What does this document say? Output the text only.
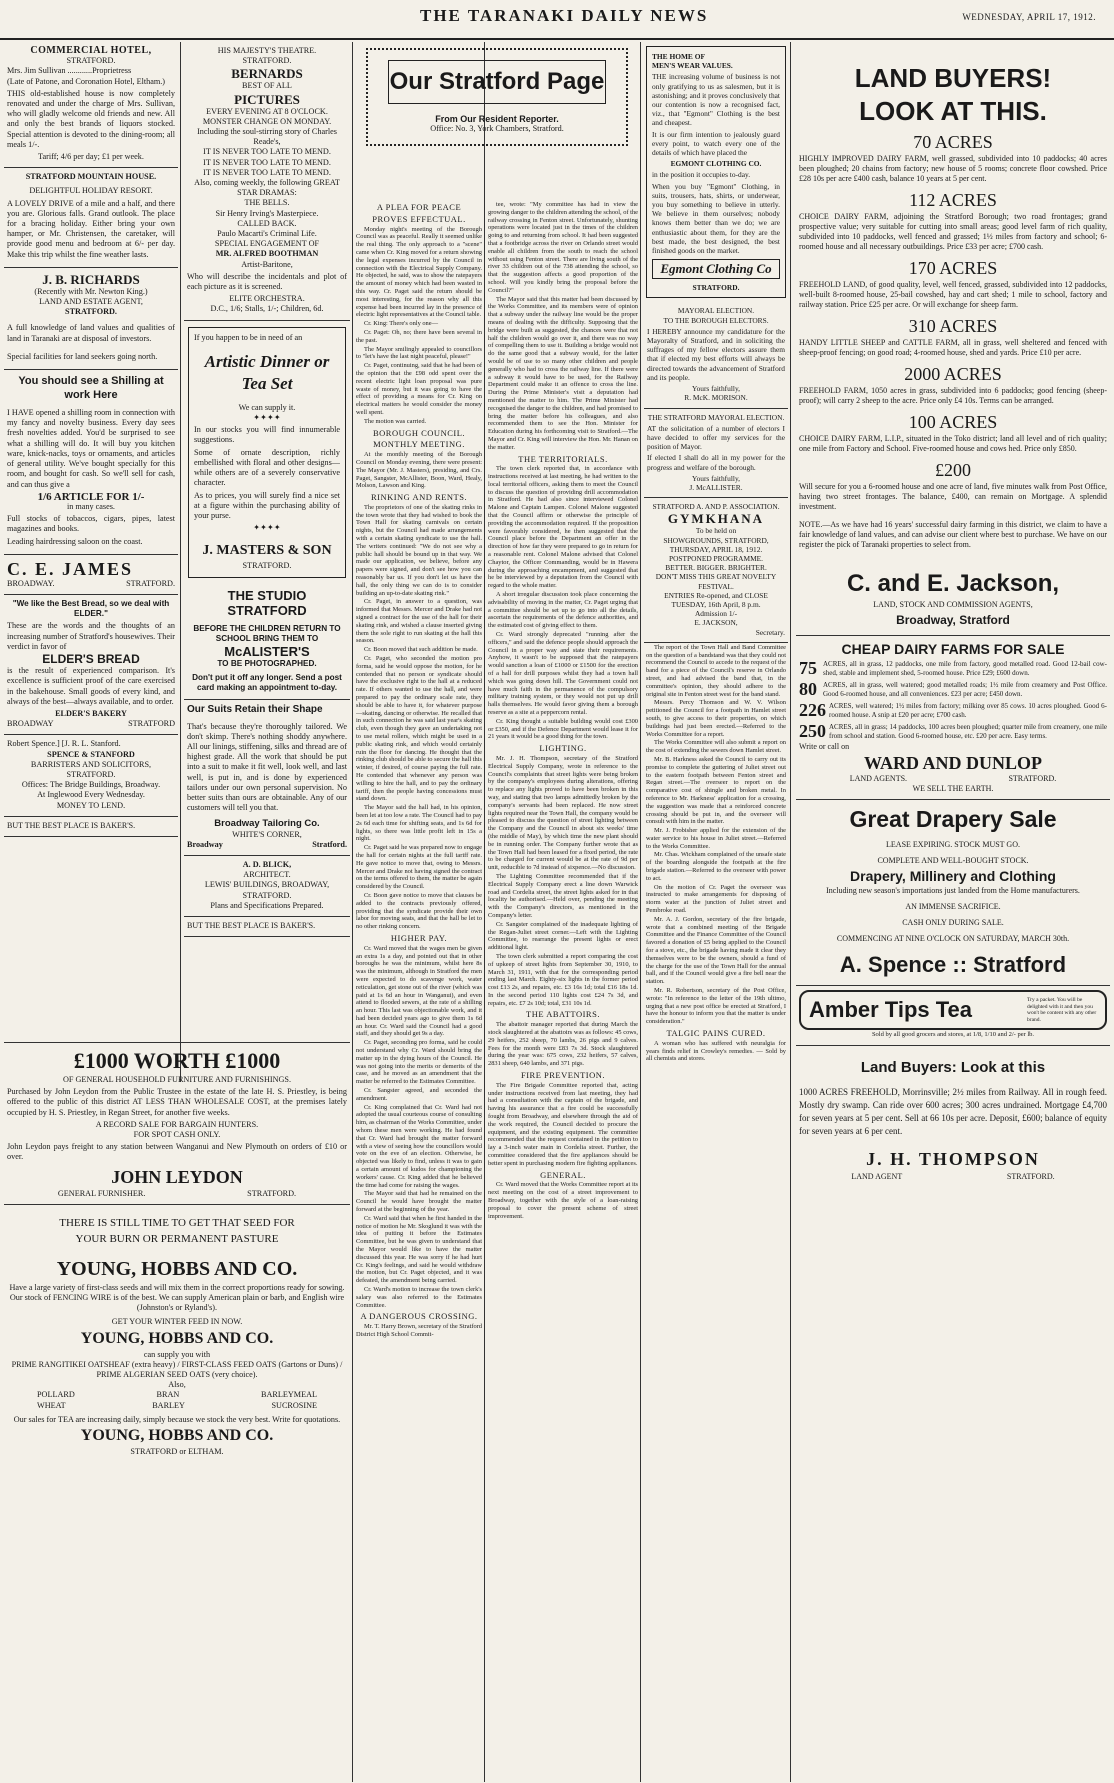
THE TARANAKI DAILY NEWS	WEDNESDAY, APRIL 17, 1912.
COMMERCIAL HOTEL,
STRATFORD.
Mrs. Jim Sullivan ............Proprietress
(Late of Patone, and Coronation Hotel, Eltham.)
THIS old-established house is now completely renovated and under the charge of Mrs. Sullivan, who will gladly welcome old friends and new. All and only the best brands of liquors stocked. Special attention is devoted to the dining-room; all meals 1/-.
Tariff; 4/6 per day; £1 per week.
STRATFORD MOUNTAIN HOUSE.
DELIGHTFUL HOLIDAY RESORT.
A LOVELY DRIVE of a mile and a half, and there you are. Glorious falls. Grand outlook. The place for a bracing holiday. Either bring your own hamper, or Mr. Christensen, the caretaker, will provide good menu and bedroom at 6/- per day. Make this trip whilst the fine weather lasts.
J. B. RICHARDS
(Recently with Mr. Newton King.)
LAND AND ESTATE AGENT,
STRATFORD.
A full knowledge of land values and qualities of land in Taranaki are at disposal of investors.
Special facilities for land seekers going north.
You should see a Shilling at work Here
I HAVE opened a shilling room in connection with my fancy and novelty business. Every day sees fresh novelties added. You'd be surprised to see what a shilling will do. It will buy you kitchen ware, knick-nacks, toys or ornaments, and articles of general utility. We've bought specially for this room, and bought for cash. So we'll sell for cash, and can thus give a
1/6 ARTICLE FOR 1/-
in many cases.
Full stocks of tobaccos, cigars, pipes, latest magazines and books.
Leading hairdressing saloon on the coast.
C. E. JAMES
BROADWAY.	STRATFORD.
"We like the Best Bread, so we deal with ELDER."
These are the words and the thoughts of an increasing number of Stratford's housewives. Their verdict in favor of
ELDER'S BREAD
is the result of experienced comparison. It's excellence is sufficient proof of the care exercised in the bakehouse. Small goods of every kind, and always of the best—always available, and to order.
ELDER'S BAKERY
BROADWAY	STRATFORD
Robert Spence.] [J. R. L. Stanford.
SPENCE & STANFORD
BARRISTERS AND SOLICITORS,
STRATFORD.
Offices: The Bridge Buildings, Broadway.
At Inglewood Every Wednesday.
MONEY TO LEND.
BUT THE BEST PLACE IS BAKER'S.
HIS MAJESTY'S THEATRE.
STRATFORD.
BERNARDS
BEST OF ALL
PICTURES
EVERY EVENING AT 8 O'CLOCK.
MONSTER CHANGE ON MONDAY.
Including the soul-stirring story of Charles Reade's,
IT IS NEVER TOO LATE TO MEND.
IT IS NEVER TOO LATE TO MEND.
IT IS NEVER TOO LATE TO MEND.
Also, coming weekly, the following GREAT STAR DRAMAS:
THE BELLS.
Sir Henry Irving's Masterpiece.
CALLED BACK.
Paulo Macarti's Criminal Life.
SPECIAL ENGAGEMENT OF
MR. ALFRED BOOTHMAN
Artist-Baritone,
Who will describe the incidentals and plot of each picture as it is screened.
ELITE ORCHESTRA.
D.C., 1/6; Stalls, 1/-; Children, 6d.
If you happen to be in need of an
Artistic Dinner or Tea Set
We can supply it.
✦✦✦✦
In our stocks you will find innumerable suggestions.
Some of ornate description, richly embellished with floral and other designs—while others are of a severely conservative character.
As to prices, you will surely find a nice set at a figure within the purchasing ability of your purse.
✦✦✦✦
J. MASTERS & SON
STRATFORD.
THE STUDIO
STRATFORD
BEFORE THE CHILDREN RETURN TO SCHOOL BRING THEM TO
McALISTER'S
TO BE PHOTOGRAPHED.
Don't put it off any longer. Send a post card making an appointment to-day.
Our Suits Retain their Shape
That's because they're thoroughly tailored. We don't skimp. There's nothing shoddy anywhere. All our linings, stiffening, silks and thread are of highest grade. All the work that should be put into a suit to make it fit well, look well, and last well, is put in, and is done by experienced tailors under our own personal supervision. No better suits than ours are obtainable. Any of our customers will tell you that.
Broadway Tailoring Co.
WHITE'S CORNER,
Broadway	Stratford.
A. D. BLICK,
ARCHITECT.
LEWIS' BUILDINGS, BROADWAY, STRATFORD.
Plans and Specifications Prepared.
BUT THE BEST PLACE IS BAKER'S.
Our Stratford Page
From Our Resident Reporter.
Office: No. 3, York Chambers, Stratford.
A PLEA FOR PEACE
PROVES EFFECTUAL.
Monday night's meeting of the Borough Council was as peaceful. Really it seemed unlike the real thing. The only approach to a "scene" came when Cr. King moved for a return showing the legal expenses incurred by the Council in connection with the Electrical Supply Company. He objected, he said, was to show the ratepayers the amount of money which had been wasted in this way. Cr. Paget said the return should be most interesting, for the reason why all this expense had been incurred lay in the presence of electric light representatives at the Council table.
Cr. King: There's only one—
Cr. Paget: Oh, no; there have been several in the past.
The Mayor smilingly appealed to councillors to "let's have the last night peaceful, please!"
Cr. Paget, continuing, said that he had been of the opinion that the £98 odd spent over the recent electric light loan proposal was pure waste of money, but it was going to have the effect of providing a means for Cr. King on electrical matters he would consider the money well spent.
The motion was carried.
BOROUGH COUNCIL.
MONTHLY MEETING.
At the monthly meeting of the Borough Council on Monday evening, there were present: The Mayor (Mr. J. Masters), presiding, and Crs. Paget, Sangster, McAllister, Boon, Ward, Healy, Molson, Lawson and King.
RINKING AND RENTS.
The proprietors of one of the skating rinks in the town wrote that they had wished to book the Town Hall for skating carnivals on certain nights, but the Council had made arrangements with a certain skating syndicate to use the hall. The writers continued: "We do not see why a public hall should be bound up in that way. We made our application, we believe, before any papers were signed, and don't see how you can reasonably bar us. If you don't let us have the hall, the only thing we can do is to consider building an up-to-date skating rink."
Cr. Paget, in answer to a question, was informed that Messrs. Mercer and Drake had not signed a contract for the use of the hall for their skating rink, and wished a clause inserted giving them the sole right to run skating at the hall this season.
Cr. Boon moved that such addition be made.
Cr. Paget, who seconded the motion pro forma, said he would oppose the motion, for he contended that no person or syndicate should have the exclusive right to the hall at a reduced rate. If others wanted to use the hall, and were prepared to pay the ordinary scale rate, they should be able to have it, for whatever purpose—skating, dancing or otherwise. He recalled that in such connection he was said last year's skating club, even though they gave an undertaking not to use metal rollers, which might be used in a public skating rink, and which would certainly ruin the floor for dancing. He thought that the rinking club should be able to secure the hall this winter, if desired, of course paying the full rate. He contended that whenever any person was willing to hire the hall, and to pay the ordinary tariff, then the people having concessions must stand down.
The Mayor said the hall had, in his opinion, been let at too low a rate. The Council had to pay 2s 6d each time for shifting seats, and 1s 6d for lights, so there was little profit left in 15s a night.
Cr. Paget said he was prepared now to engage the hall for certain nights at the full tariff rate. He gave notice to move that, owing to Messrs. Mercer and Drake not having signed the contract on the terms offered to them, the matter be again considered by the Council.
Cr. Boon gave notice to move that clauses be added to the contracts previously offered, providing that the syndicate provide their own labor for moving seats, and that the hall be let to no other rinking concern.
HIGHER PAY.
Cr. Ward moved that the wages men be given an extra 1s a day, and pointed out that in other boroughs he was the minimum, whilst here 8s was the minimum, although in Stratford the men were expected to do scavenge work, water reticulation, get stone out of the river (which was paid at 1s 6d an hour in Wanganui), and even attend to flooded sewers, at the rate of a shilling an hour. This last was objectionable work, and it had been decided years ago to give them 1s 6d an hour. Cr. Ward said the Council had a good staff, and they should get 9s a day.
Cr. Paget, seconding pro forma, said he could not understand why Cr. Ward should bring the matter up in the dying hours of the Council. He was not going into the merits or demerits of the case, and he moved as an amendment that the matter be referred to the Estimates Committee.
Cr. Sangster agreed, and seconded the amendment.
Cr. King complained that Cr. Ward had not adopted the usual courteous course of consulting him, as chairman of the Works Committee, under whom these men were working. He had found that Cr. Ward had brought the matter forward with a view of seeing how the councillors would vote on the eve of an election. Otherwise, he objected was likely to find, unless it was to gain a certain amount of kudos for championing the workers' cause. Cr. King added that he believed the time had come for raising the wages.
The Mayor said that had he remained on the Council he would have brought the matter forward at the beginning of the year.
Cr. Ward said that when he first handed in the notice of motion he Mr. Skoglund it was with the idea of putting it before the Estimates Committee, but he was given to understand that the Mayor would like to have the matter discussed this year. He was sorry if he had hurt Cr. King's feelings, and said he would withdraw the motion, but Cr. Paget objected, and it was defeated, the amendment being carried.
Cr. Ward's motion to increase the town clerk's salary was also referred to the Estimates Committee.
A DANGEROUS CROSSING.
Mr. T. Harry Brown, secretary of the Stratford District High School Commit-
tee, wrote: "My committee has had in view the growing danger to the children attending the school, of the railway crossing in Fenton street. Unfortunately, shunting operations were located just in the times of the children going to and returning from school. It had been suggested that a footbridge across the river on Orlando street would enable all children from the south to reach the school without using Fenton street. There are living south of the river 33 children out of the 738 attending the school, so that the suggestion affects a good proportion of the school. Will you kindly bring the proposal before the Council?"
The Mayor said that this matter had been discussed by the Works Committee, and its members were of opinion that a subway under the railway line would be the proper means of dealing with the difficulty. Supposing that the bridge were built as suggested, the chances were that not half the children would go over it, and there was no way of compelling them to use it. Building a bridge would not do the same good that a subway would, for the latter would be of use to so many other children and people generally who had to cross the railway line. If there were a subway it would have to be used, for the Railway Department could make it an offence to cross the line. During the Prime Minister's visit a deputation had mentioned the matter to him. The Prime Minister had recognised the danger to the children, and had promised to bring the matter before his colleagues, and also recommended them to see the Hon. Minister for Education during his forthcoming visit to Stratford.—The Mayor and Cr. King will interview the Hon. Mr. Hanan on the matter.
THE TERRITORIALS.
The town clerk reported that, in accordance with instructions received at last meeting, he had written to the local territorial officers, asking them to meet the Council to discuss the question of providing drill accommodation in Stratford. He had also since interviewed Colonel Malone and Captain Lampen. Colonel Malone suggested that the Council affirm or otherwise the principle of providing the accommodation required. If the proposition were favorably considered, he then suggested that the Council place before the Department an offer in the direction of how far they were prepared to go in return for a reasonable rent. Colonel Malone advised that Colonel Chaytor, the Officer Commanding, would be in Hawera during the approaching encampment, and suggested that he be interviewed by a deputation from the Council with regard to the whole matter.
A short irregular discussion took place concerning the advisability of moving in the matter, Cr. Paget urging that a committee should be set up to go into all the details, ascertain the requirements of the defence authorities, and the estimated cost of giving effect to them.
Cr. Ward strongly deprecated "running after the officers," and said the defence people should approach the Council in a proper way and state their requirements. Anyhow, it wasn't to be supposed that the ratepayers would sanction a loan of £1000 or £1500 for the erection of a hall for drill purposes whilst they had a town hall which was going down hill. The Government could not have much faith in the permanence of the compulsory military training system, or they would not put up drill halls themselves. He would favor giving them a borough reserve as a site at a peppercorn rental.
Cr. King thought a suitable building would cost £300 or £350, and if the Defence Department would lease it for 21 years it would be a good thing for the town.
LIGHTING.
Mr. J. H. Thompson, secretary of the Stratford Electrical Supply Company, wrote in reference to the Council's complaints that street lights were being broken by the company's employees during alterations, offering to replace any lights proved to have been broken in this way, and stating that two lamps admittedly broken by the company's servants had been replaced. He now street lights required near the Town Hall, the company would be pleased to discuss the question of street lighting between the Company and the Council in about six weeks' time (the middle of May), by which time the new plant should be in running order. The Company further wrote that as the Town Hall had been leased for a fixed period, the rate to be charged for current would be at the rate of 9d per unit, reducible to 7d instead of sixpence.—No discussion.
The Lighting Committee recommended that if the Electrical Supply Company erect a line down Warwick road and Cordelia street, the street lights asked for in that locality be authorised.—Held over, pending the meeting with the Company's directors, as mentioned in the Company's letter.
Cr. Sangster complained of the inadequate lighting of the Regan-Juliet street corner.—Left with the Lighting Committee, to rearrange the present lights or erect additional light.
The town clerk submitted a report comparing the cost of upkeep of street lights from September 30, 1910, to March 31, 1911, with that for the corresponding period ending last March. Eighty-six lights in the former period cost £13 2s, and repairs, etc. £3 16s 1d; total £16 18s 1d. In the second period 110 lights cost £24 7s 3d, and repairs, etc. £7 2s 10d; total, £31 10s 1d.
THE ABATTOIRS.
The abattoir manager reported that during March the stock slaughtered at the abattoirs was as follows: 45 cows, 29 heifers, 252 sheep, 70 lambs, 26 pigs and 9 calves. Fees for the month were £83 7s 3d. Stock slaughtered during the year was: 675 cows, 232 heifers, 57 calves, 2831 sheep, 640 lambs, and 371 pigs.
FIRE PREVENTION.
The Fire Brigade Committee reported that, acting under instructions received from last meeting, they had had a consultation with the captain of the brigade, and having his assurance that a fire could be successfully fought from Broadway, and elsewhere through the aid of the work required, the Council decided to procure the equipment, and the existing equipment. The committee recommended that the request contained in the petition to lay a 3-inch water main in Cordelia street. Further, the committee considered that the fire appliances should be better spent in purchasing modern fire fighting appliances.
GENERAL.
Cr. Ward moved that the Works Committee report at its next meeting on the cost of a street improvement to Broadway, together with the style of a loan-raising proposal to cover the present scheme of street improvement.
THE HOME OF
MEN'S WEAR VALUES.
THE increasing volume of business is not only gratifying to us as salesmen, but it is astonishing; and it proves conclusively that our contention is now a recognised fact, viz., that "Egmont" Clothing is the best and cheapest.
It is our firm intention to jealously guard every point, to watch every one of the details of which have placed the
EGMONT CLOTHING CO.
in the position it occupies to-day.
When you buy "Egmont" Clothing, in suits, trousers, hats, shirts, or underwear, you buy something to believe in utterly. We believe in them ourselves; nobody knows them better than we do; we are enthusiastic about them, for they are the best made, the best designed, the best finished goods on the market.
Egmont Clothing Co
STRATFORD.
MAYORAL ELECTION.
TO THE BOROUGH ELECTORS.
I HEREBY announce my candidature for the Mayoralty of Stratford, and in soliciting the suffrages of my fellow electors assure them that if elected my best efforts will always be directed towards the advancement of Stratford and its people.
Yours faithfully,
R. McK. MORISON.
THE STRATFORD MAYORAL ELECTION.
AT the solicitation of a number of electors I have decided to offer my services for the position of Mayor.
If elected I shall do all in my power for the progress and welfare of the borough.
Yours faithfully,
J. McALLISTER.
STRATFORD A. AND P. ASSOCIATION.
GYMKHANA
To be held on
SHOWGROUNDS, STRATFORD,
THURSDAY, APRIL 18, 1912.
POSTPONED PROGRAMME.
BETTER. BIGGER. BRIGHTER.
DON'T MISS THIS GREAT NOVELTY FESTIVAL.
ENTRIES Re-opened, and CLOSE TUESDAY, 16th April, 8 p.m.
Admission 1/-
E. JACKSON,
Secretary.
The report of the Town Hall and Band Committee on the question of a bandstand was that they could not recommend the Council to accede to the request of the band for a piece of the Council's reserve in Orlando street, and had advised the band that, in the committee's opinion, they should adhere to the original site in Fenton street west for the band stand.
Messrs. Percy Thomson and W. V. Wilson petitioned the Council for a footpath in Hamlet street south, to give access to their properties, on which buildings had just been erected.—Referred to the Works Committee for a report.
The Works Committee will also submit a report on the cost of extending the sewers down Hamlet street.
Mr. B. Harkness asked the Council to carry out its promise to complete the guttering of Juliet street out to the eastern footpath between Fenton street and Regan street.—The overseer to report on the comparative cost of shingle and broken metal. In reference to Mr. Harkness' application for a crossing, the suggestion was made that a reinforced concrete crossing should be put in, and the overseer will consult with him in the matter.
Mr. J. Frobisher applied for the extension of the water service to his house in Juliet street.—Referred to the Works Committee.
Mr. Chas. Wickham complained of the unsafe state of the boarding alongside the footpath at the fire brigade station.—Referred to the overseer with power to act.
On the motion of Cr. Paget the overseer was instructed to make arrangements for disposing of storm water at the junction of Juliet street and Pembroke road.
Mr. A. J. Gordon, secretary of the fire brigade, wrote that a combined meeting of the Brigade Committee and the Finance Committee of the Council favored a donation of £5 being applied to the Council for a stove, etc., the brigade having made it clear they themselves were to be the owners, should a fund of the charge for the use of the Town Hall for the annual ball, and if the Council would give a fire bell near the station.
Mr. R. Robertson, secretary of the Post Office, wrote: "In reference to the letter of the 19th ultimo, urging that a new post office be erected at Stratford, I have the honour to inform you that the matter is under consideration."
TALGIC PAINS CURED.
A woman who has suffered with neuralgia for years finds relief in Crowley's remedies. — Sold by all chemists and stores.
LAND BUYERS!
LOOK AT THIS.
70 ACRES
HIGHLY IMPROVED DAIRY FARM, well grassed, subdivided into 10 paddocks; 40 acres been ploughed; 20 chains from factory; new house of 5 rooms; concrete floor cowshed. Price £28 10s per acre £400 cash, balance 10 years at 5 per cent.
112 ACRES
CHOICE DAIRY FARM, adjoining the Stratford Borough; two road frontages; grand prospective value; very suitable for cutting into small areas; good level farm of rich quality, subdivided into 10 paddocks, well fenced and grassed; 1½ miles from factory and school; 6-roomed house and all necessary outbuildings. Price £33 per acre; £700 cash.
170 ACRES
FREEHOLD LAND, of good quality, level, well fenced, grassed, subdivided into 12 paddocks, well-built 8-roomed house, 25-bail cowshed, hay and cart shed; 1 mile to school, factory and railway station. Price £25 per acre. Or will exchange for sheep farm.
310 ACRES
HANDY LITTLE SHEEP and CATTLE FARM, all in grass, well sheltered and fenced with sheep-proof fencing; on good road; 4-roomed house, shed and yards. Price £10 per acre.
2000 ACRES
FREEHOLD FARM, 1050 acres in grass, subdivided into 6 paddocks; good fencing (sheep-proof); will carry 2 sheep to the acre. Price only £4 10s. Terms can be arranged.
100 ACRES
CHOICE DAIRY FARM, L.I.P., situated in the Toko district; land all level and of rich quality; one mile from Factory and School. Five-roomed house and cows hed. Price only £850.
£200
Will secure for you a 6-roomed house and one acre of land, five minutes walk from Post Office, having two street frontages. The balance, £400, can remain on Mortgage. A splendid investment.
NOTE.—As we have had 16 years' successful dairy farming in this district, we claim to have a fair knowledge of land values, and can advise our client where best to purchase. We have on our register the pick of Taranaki properties to select from.
C. and E. Jackson,
LAND, STOCK AND COMMISSION AGENTS,
Broadway, Stratford
CHEAP DAIRY FARMS FOR SALE
75 ACRES, all in grass, 12 paddocks, one mile from factory, good metalled road. Good 12-bail cow-shed, stable and implement shed, 5-roomed house. Price £29; £600 down.
80 ACRES, all in grass, well watered; good metalled roads; 1½ mile from creamery and Post Office. Good 6-roomed house, and all conveniences. £23 per acre; £450 down.
226 ACRES, well watered; 1½ miles from factory; milking over 85 cows. 10 acres ploughed. Good 6-roomed house. A snip at £20 per acre; £700 cash.
250 ACRES, all in grass; 14 paddocks, 100 acres been ploughed; quarter mile from creamery, one mile from school and station. Good 6-roomed house, etc. £20 per acre. Easy terms.
Write or call on
WARD AND DUNLOP
LAND AGENTS.	STRATFORD.
WE SELL THE EARTH.
Great Drapery Sale
LEASE EXPIRING. STOCK MUST GO.
COMPLETE AND WELL-BOUGHT STOCK.
Drapery, Millinery and Clothing
Including new season's importations just landed from the Home manufacturers.
AN IMMENSE SACRIFICE.
CASH ONLY DURING SALE.
COMMENCING AT NINE O'CLOCK ON SATURDAY, MARCH 30th.
A. Spence :: Stratford
Amber Tips Tea	Try a packet. You will be delighted with it and then you won't be content with any other brand.
Sold by all good grocers and stores, at 1/8, 1/10 and 2/- per lb.
Land Buyers: Look at this
1000 ACRES FREEHOLD, Morrinsville; 2½ miles from Railway. All in rough feed. Mostly dry swamp. Can ride over 600 acres; 300 acres undrained. Mortgage £4,700 for seven years at 5 per cent. Sell at 66 10s per acre. Deposit, £600; balance of equity for seven years at 6 per cent.
J. H. THOMPSON
LAND AGENT	STRATFORD.
£1000 WORTH £1000
OF GENERAL HOUSEHOLD FURNITURE AND FURNISHINGS.
Purchased by John Leydon from the Public Trustee in the estate of the late H. S. Priestley, is being offered to the public of this district AT LESS THAN WHOLESALE COST, at the premises lately occupied by H. S. Priestley, in Regan Street, for another five weeks.
A RECORD SALE FOR BARGAIN HUNTERS.
FOR SPOT CASH ONLY.
John Leydon pays freight to any station between Wanganui and New Plymouth on orders of £10 or over.
JOHN LEYDON
GENERAL FURNISHER.	STRATFORD.
THERE IS STILL TIME TO GET THAT SEED FOR
YOUR BURN OR PERMANENT PASTURE
YOUNG, HOBBS AND CO.
Have a large variety of first-class seeds and will mix them in the correct proportions ready for sowing.
Our stock of FENCING WIRE is of the best. We can supply American plain or barb, and English wire (Johnston's or Ryland's).
GET YOUR WINTER FEED IN NOW.
YOUNG, HOBBS AND CO.
can supply you with
PRIME RANGITIKEI OATSHEAF (extra heavy) / FIRST-CLASS FEED OATS (Gartons or Duns) / PRIME ALGERIAN SEED OATS (very choice).
Also,
POLLARD	BRAN	BARLEYMEAL
WHEAT	BARLEY	SUCROSINE
Our sales for TEA are increasing daily, simply because we stock the very best. Write for quotations.
YOUNG, HOBBS AND CO.
STRATFORD or ELTHAM.
